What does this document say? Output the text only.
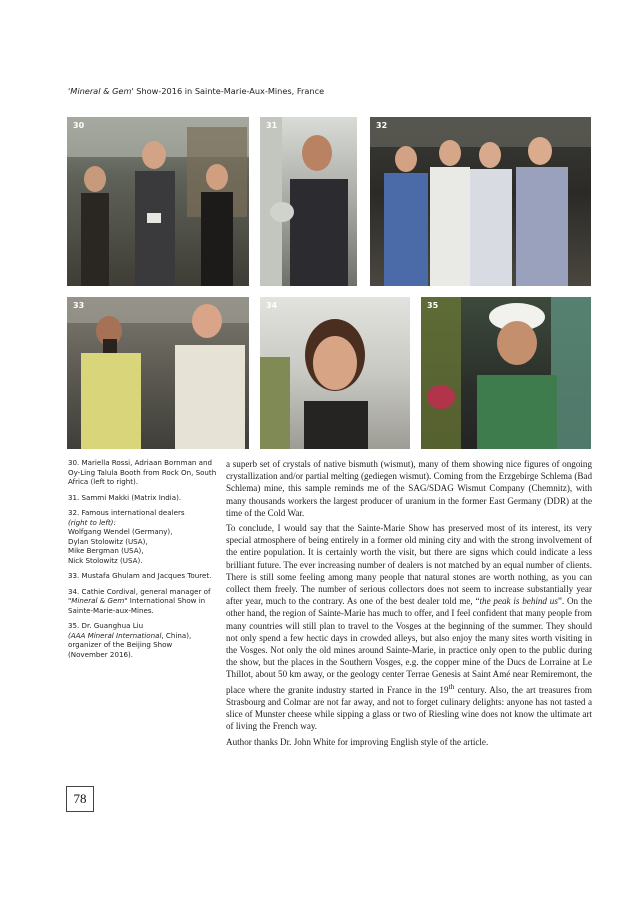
'Mineral & Gem' Show-2016 in Sainte-Marie-Aux-Mines, France
30	31	32
33	34	35

30. Mariella Rossi, Adriaan Bornman and Oy-Ling Talula Booth from Rock On, South Africa (left to right).

31. Sammi Makki (Matrix India).

32. Famous international dealers
(right to left):
Wolfgang Wendel (Germany),
Dylan Stolowitz (USA),
Mike Bergman (USA),
Nick Stolowitz (USA).

33. Mustafa Ghulam and Jacques Touret.

34. Cathie Cordival, general manager of "Mineral & Gem" International Show in Sainte-Marie-aux-Mines.

35. Dr. Guanghua Liu
(AAA Mineral International, China),
organizer of the Beijing Show
(November 2016).

a superb set of crystals of native bismuth (wismut), many of them showing nice figures of ongoing crystallization and/or partial melting (gediegen wismut). Coming from the Erzgebirge Schlema (Bad Schlema) mine, this sample reminds me of the SAG/SDAG Wismut Company (Chemnitz), with many thousands workers the largest producer of uranium in the former East Germany (DDR) at the time of the Cold War.

To conclude, I would say that the Sainte-Marie Show has preserved most of its interest, its very special atmosphere of being entirely in a former old mining city and with the strong involvement of the entire population. It is certainly worth the visit, but there are signs which could indicate a less brilliant future. The ever increasing number of dealers is not matched by an equal number of clients. There is still some feeling among many people that natural stones are worth nothing, as you can collect them freely. The number of serious collectors does not seem to increase substantially year after year, much to the contrary. As one of the best dealer told me, “the peak is behind us”. On the other hand, the region of Sainte-Marie has much to offer, and I feel confident that many people from many countries will still plan to travel to the Vosges at the beginning of the summer. They should not only spend a few hectic days in crowded alleys, but also enjoy the many sites worth visiting in the Vosges. Not only the old mines around Sainte-Marie, in practice only open to the public during the show, but the places in the Southern Vosges, e.g. the copper mine of the Ducs de Lorraine at Le Thillot, about 50 km away, or the geology center Terrae Genesis at Saint Amé near Remiremont, the place where the granite industry started in France in the 19th century. Also, the art treasures from Strasbourg and Colmar are not far away, and not to forget culinary delights: anyone has not tasted a slice of Munster cheese while sipping a glass or two of Riesling wine does not know the ultimate art of living the French way.

Author thanks Dr. John White for improving English style of the article.

78
